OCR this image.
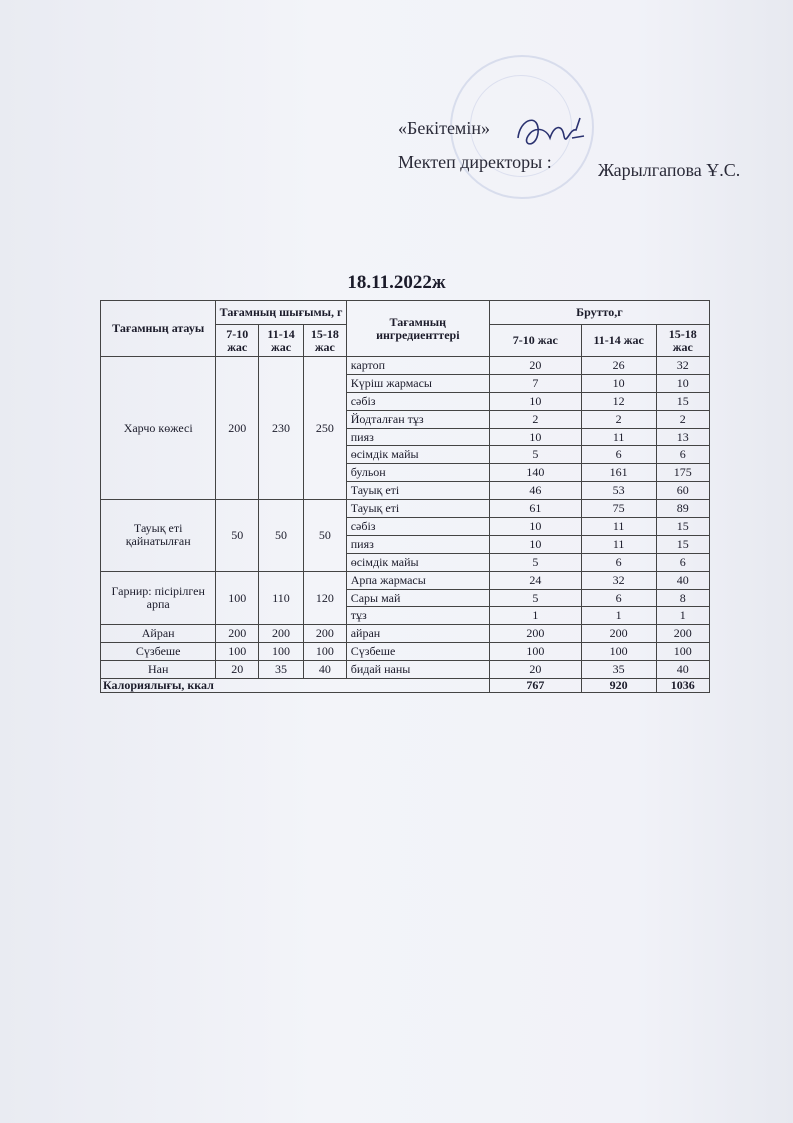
«Бекітемін»
Мектеп директоры :	Жарылгапова Ұ.С.
18.11.2022ж
Тағамның атауы	Тағамның шығымы, г			Тағамның ингредиенттері	Брутто,г		
	7-10 жас	11-14 жас	15-18 жас		7-10 жас	11-14 жас	15-18 жас
Харчо көжесі	200	230	250	картоп	20	26	32
				Күріш жармасы	7	10	10
				сәбіз	10	12	15
				Йодталған тұз	2	2	2
				пияз	10	11	13
				өсімдік майы	5	6	6
				бульон	140	161	175
				Тауық еті	46	53	60
Тауық еті қайнатылған	50	50	50	Тауық еті	61	75	89
				сәбіз	10	11	15
				пияз	10	11	15
				өсімдік майы	5	6	6
Гарнир: пісірілген арпа	100	110	120	Арпа жармасы	24	32	40
				Сары май	5	6	8
				тұз	1	1	1
Айран	200	200	200	айран	200	200	200
Сүзбеше	100	100	100	Сүзбеше	100	100	100
Нан	20	35	40	бидай наны	20	35	40
Калориялығы, ккал					767	920	1036
